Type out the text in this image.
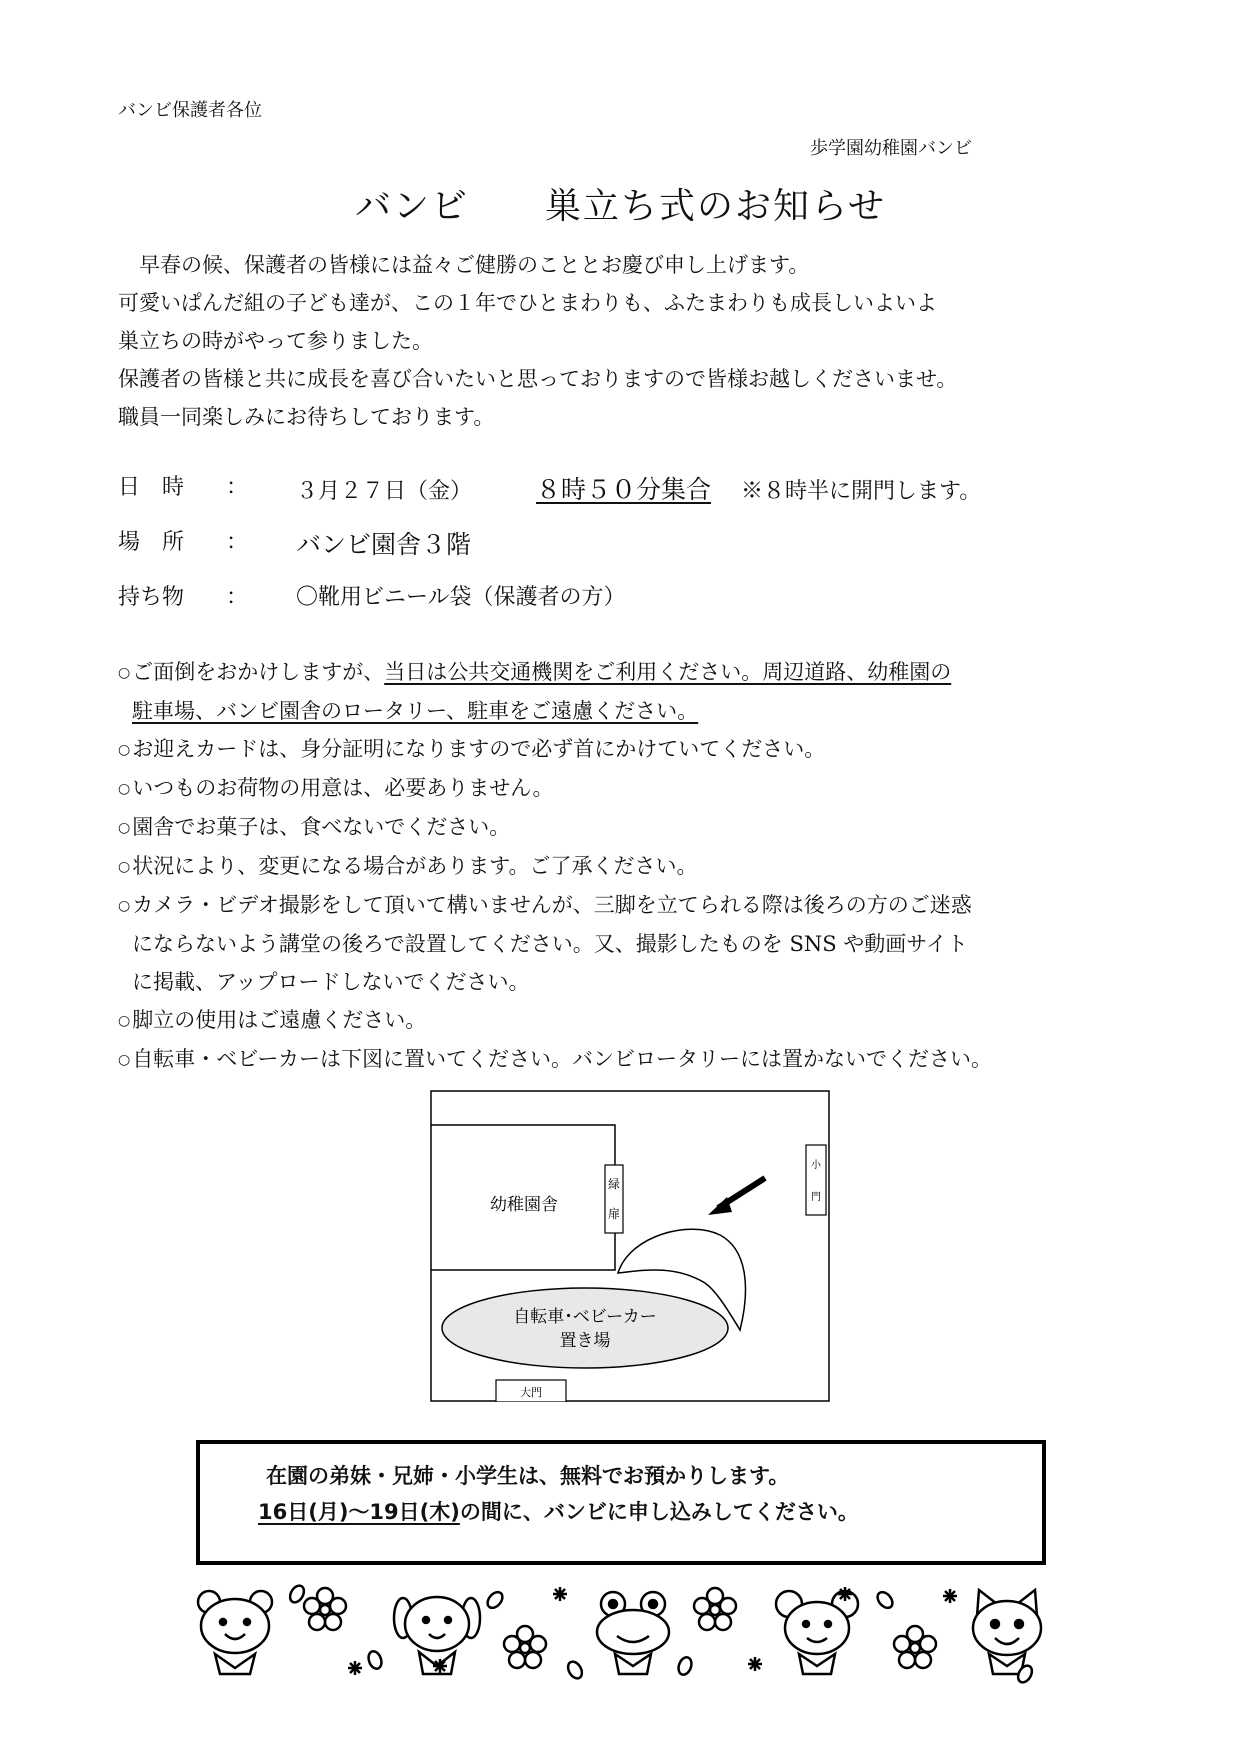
バンビ保護者各位
歩学園幼稚園バンビ
バンビ　　巣立ち式のお知らせ

早春の候、保護者の皆様には益々ご健勝のこととお慶び申し上げます。

可愛いぱんだ組の子ども達が、この１年でひとまわりも、ふたまわりも成長しいよいよ

巣立ちの時がやって参りました。

保護者の皆様と共に成長を喜び合いたいと思っておりますので皆様お越しくださいませ。

職員一同楽しみにお待ちしております。

日　時	： ３月２７日（金）	８時５０分集合 ※８時半に開門します。
場　所	： バンビ園舎３階
持ち物	： 〇靴用ビニール袋（保護者の方）
○ご面倒をおかけしますが、当日は公共交通機関をご利用ください。周辺道路、幼稚園の
駐車場、バンビ園舎のロータリー、駐車をご遠慮ください。
○お迎えカードは、身分証明になりますので必ず首にかけていてください。
○いつものお荷物の用意は、必要ありません。
○園舎でお菓子は、食べないでください。
○状況により、変更になる場合があります。ご了承ください。
○カメラ・ビデオ撮影をして頂いて構いませんが、三脚を立てられる際は後ろの方のご迷惑
にならないよう講堂の後ろで設置してください。又、撮影したものを SNS や動画サイト
に掲載、アップロードしないでください。
○脚立の使用はご遠慮ください。
○自転車・ベビーカーは下図に置いてください。バンビロータリーには置かないでください。
幼稚園舎
緑
扉
小
門
自転車･ベビーカー
置き場
大門
在園の弟妹・兄姉・小学生は、無料でお預かりします。
16日(月)～19日(木)の間に、バンビに申し込みしてください。
